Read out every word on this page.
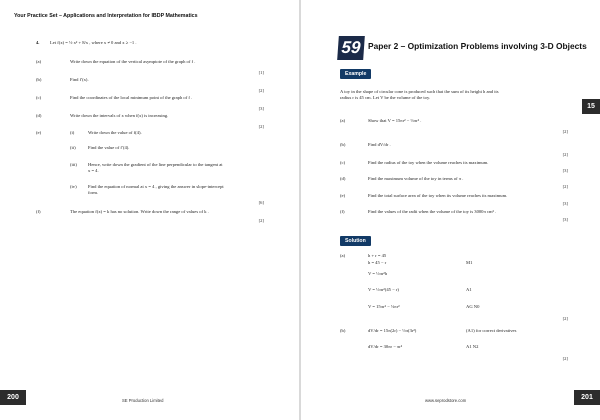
Your Practice Set – Applications and Interpretation for IBDP Mathematics
4. Let f(x) = ½ x² + 8/x , where x ≠ 0 and x ≥ −1 .
(a)	Write down the equation of the vertical asymptote of the graph of f .
[1]
(b)	Find f′(x).
[2]
(c)	Find the coordinates of the local minimum point of the graph of f .
[3]
(d)	Write down the intervals of x when f(x) is increasing.
[2]
(e)	(i)	Write down the value of f(4).
(ii)	Find the value of f′(4).
(iii) Hence, write down the gradient of the line perpendicular to the tangent at
x = 4.
(iv) Find the equation of normal at x = 4 , giving the answer in slope-intercept
form.
[6]
(f)	The equation f(x) = k has no solution. Write down the range of values of k .
[2]
200	SE Production Limited	201
www.seprodstore.com
59 Paper 2 – Optimization Problems involving 3-D Objects
15
Example
A toy in the shape of circular cone is produced such that the sum of its height h and its
radius r is 45 cm. Let V be the volume of the toy.
(a)	Show that V = 15πr² − ⅓πr³ .
[2]
(b)	Find dV/dr .
[2]
(c)	Find the radius of the toy when the volume reaches its maximum.
[3]
(d)	Find the maximum volume of the toy in terms of π .
[2]
(e)	Find the total surface area of the toy when its volume reaches its maximum.
[3]
(f)	Find the values of the radii when the volume of the toy is 3000π cm³ .
[3]
Solution
(a)	h + r = 45
h = 45 − r	M1
V = ⅓πr²h
V = ⅓πr²(45 − r)	A1
V = 15πr² − ⅓πr³	AG N0
[2]
(b)	dV/dr = 15π(2r) − ⅓π(3r²)	(A1) for correct derivatives
dV/dr = 30πr − πr²	A1 N2
[2]
